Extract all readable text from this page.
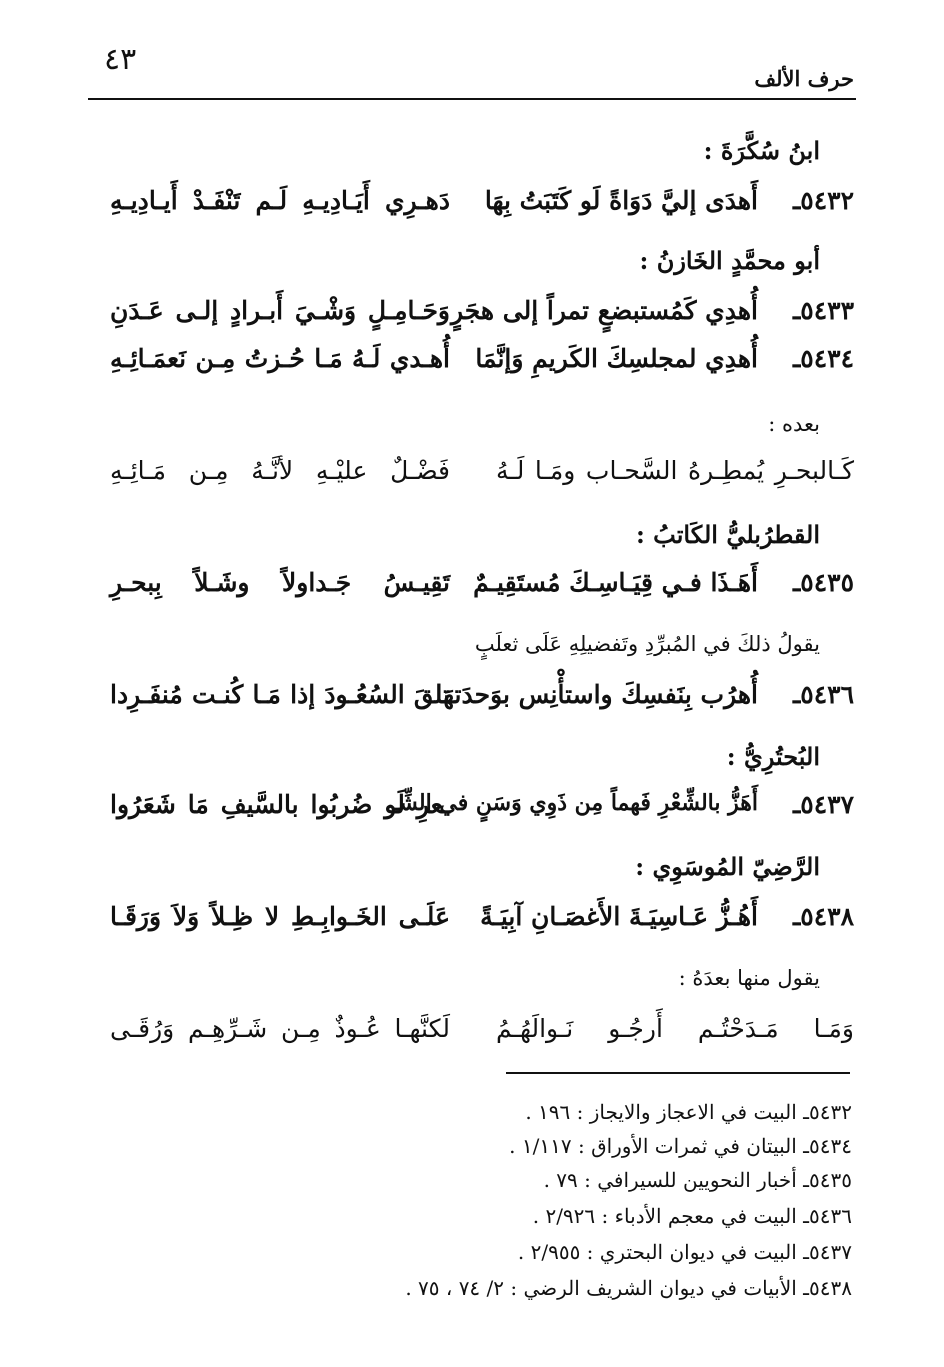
٤٣
حرف الألف
ابنُ سُكَّرَةَ :
٥٤٣٢ـ
أَهدَى إليَّ دَوَاةً لَو كَتَبَتُ بِهَا
دَهـرِي أَيَـادِيـهِ لَـم تَنْفَـدْ أَيـادِيـهِ
أبو محمَّدٍ الخَازنُ :
٥٤٣٣ـ
أُهدِي كَمُستبضعٍ تمراً إلى هجَرٍ
وَحَـامِـلٍ وَشْـيَ أَبـرادٍ إلـى عَـدَنِ
٥٤٣٤ـ
أُهدِي لمجلسِكَ الكَريمِ وَإنَّمَا
أُهـدي لَـهُ مَـا حُـزتُ مِـن نَعمَـائِـهِ
بعده :
كَـالبحـرِ يُمطِـرهُ السَّحـاب ومَـا لَـهُ
فَضْـلٌ عليْـهِ لأنَّـهُ مِـن مَـائِـهِ
القطرُبليُّ الكَاتبُ :
٥٤٣٥ـ
أَهَـذَا فـي قِيَـاسِـكَ مُستَقِيـمٌ
تَقِيـسُ جَـداولاً وشَـلاً بِبحـرِ
يقولُ ذلكَ في المُبرِّدِ وتَفضيلِهِ عَلَى ثعلَبٍ
٥٤٣٦ـ
أُهرُب بِنَفسِكَ واستأْنِس بوَحدَتهَا
تلقَ السُعُـودَ إذا مَـا كُنـت مُنفَـرِدا
البُحتُرِيُّ :
٥٤٣٧ـ
أَهَزُّ بالشِّعْرِ فَهماً مِن ذَوِي وَسَنٍ في الشِّـ
ـعرِ لَو ضُربُوا بالسَّيفِ مَا شَعَرُوا
الرَّضِيّ المُوسَوِي :
٥٤٣٨ـ
أَهُـزُّ عَـاسِيَـةَ الأَغصَـانِ آبِيَـةً
عَلَـى الخَـوابِـطِ لا ظِـلاً وَلاَ وَرَقَـا
يقول منها بعدَهُ :
وَمَـا مَـدَحْتُـم أَرجُـو نَـوالَهُـمُ
لَكنَّهـا عُـوذٌ مِـن شَـرِّهِـم وَرُقَـى
٥٤٣٢ـ البيت في الاعجاز والايجاز : ١٩٦ .
٥٤٣٤ـ البيتان في ثمرات الأوراق : ١/١١٧ .
٥٤٣٥ـ أخبار النحويين للسيرافي : ٧٩ .
٥٤٣٦ـ البيت في معجم الأدباء : ٢/٩٢٦ .
٥٤٣٧ـ البيت في ديوان البحتري : ٢/٩٥٥ .
٥٤٣٨ـ الأبيات في ديوان الشريف الرضي : ٢/ ٧٤ ، ٧٥ .
